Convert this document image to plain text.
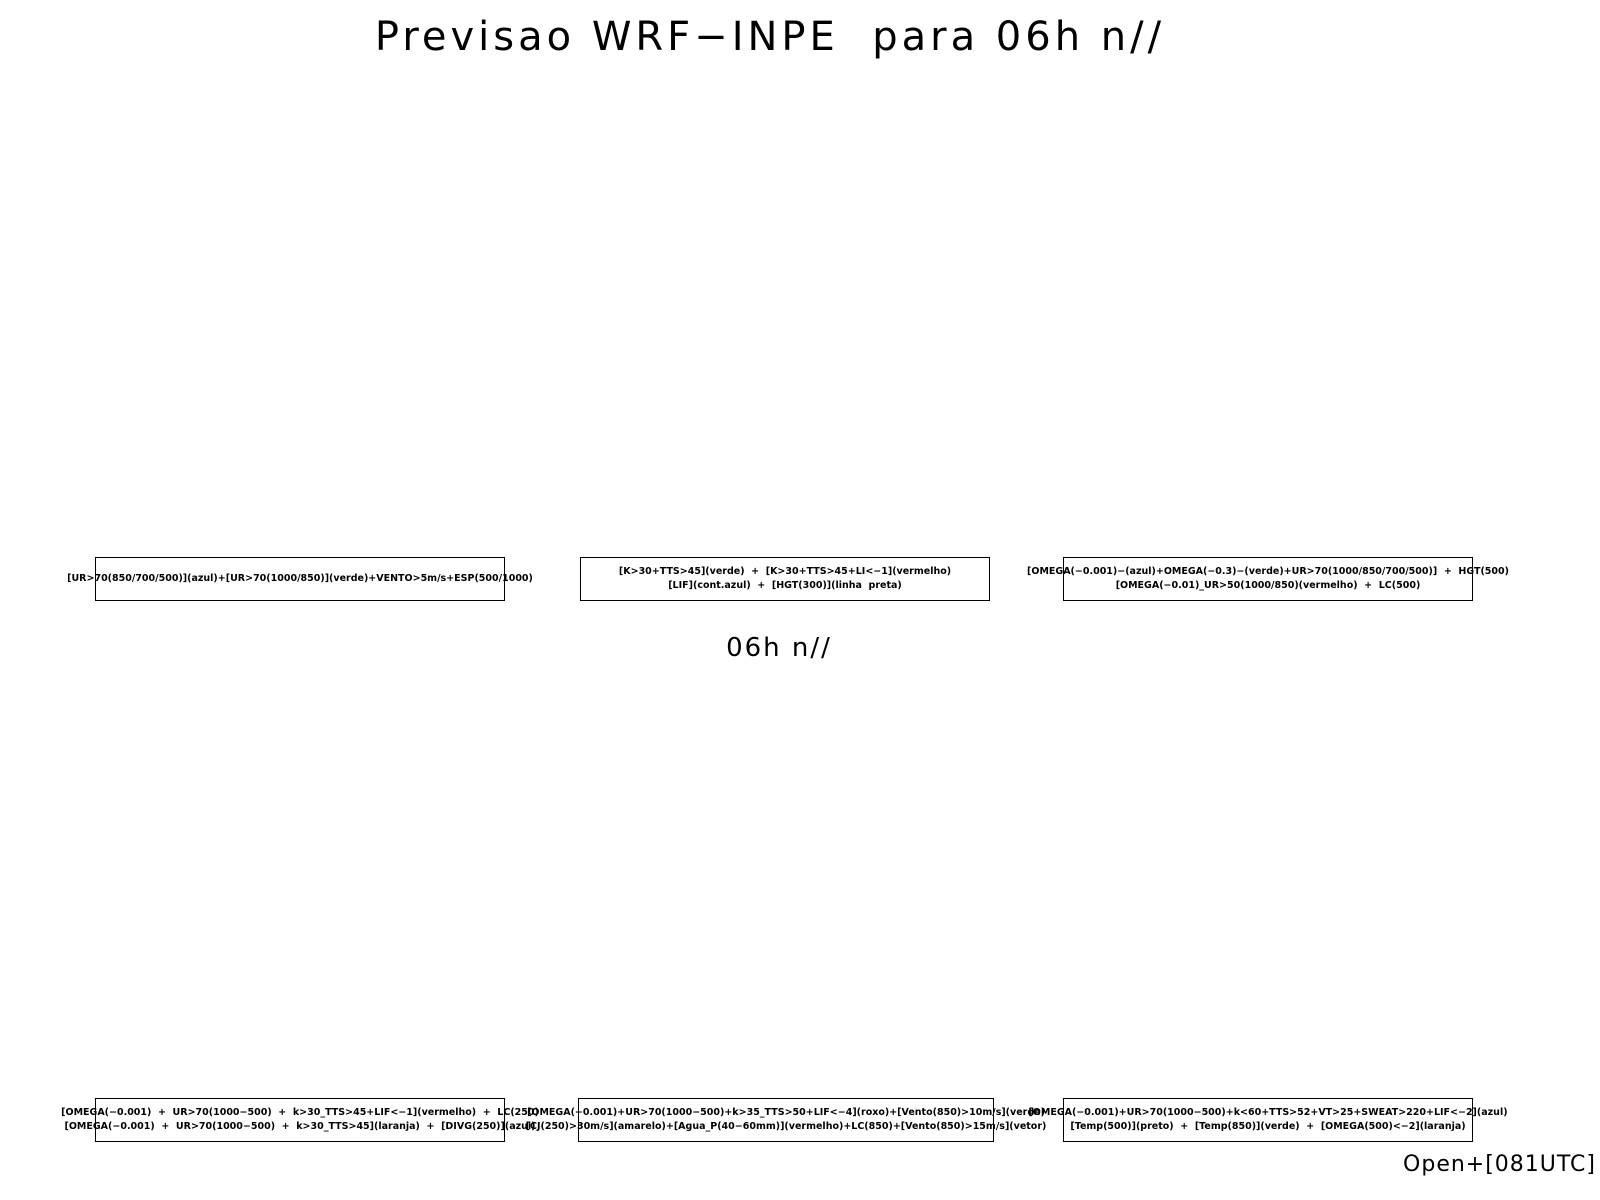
Previsao WRF−INPE  para 06h n//
[UR>70(850/700/500)](azul)+[UR>70(1000/850)](verde)+VENTO>5m/s+ESP(500/1000)
[K>30+TTS>45](verde)  +  [K>30+TTS>45+LI<−1](vermelho)
[LIF](cont.azul)  +  [HGT(300)](linha  preta)
[OMEGA(−0.001)−(azul)+OMEGA(−0.3)−(verde)+UR>70(1000/850/700/500)]  +  HGT(500)
[OMEGA(−0.01)_UR>50(1000/850)(vermelho)  +  LC(500)
06h n//
[OMEGA(−0.001)  +  UR>70(1000−500)  +  k>30_TTS>45+LIF<−1](vermelho)  +  LC(250)
[OMEGA(−0.001)  +  UR>70(1000−500)  +  k>30_TTS>45](laranja)  +  [DIVG(250)](azul)
[OMEGA(−0.001)+UR>70(1000−500)+k>35_TTS>50+LIF<−4](roxo)+[Vento(850)>10m/s](verde)
[CJ(250)>30m/s](amarelo)+[Agua_P(40−60mm)](vermelho)+LC(850)+[Vento(850)>15m/s](vetor)
[OMEGA(−0.001)+UR>70(1000−500)+k<60+TTS>52+VT>25+SWEAT>220+LIF<−2](azul)
[Temp(500)](preto)  +  [Temp(850)](verde)  +  [OMEGA(500)<−2](laranja)
Open+[081UTC]
